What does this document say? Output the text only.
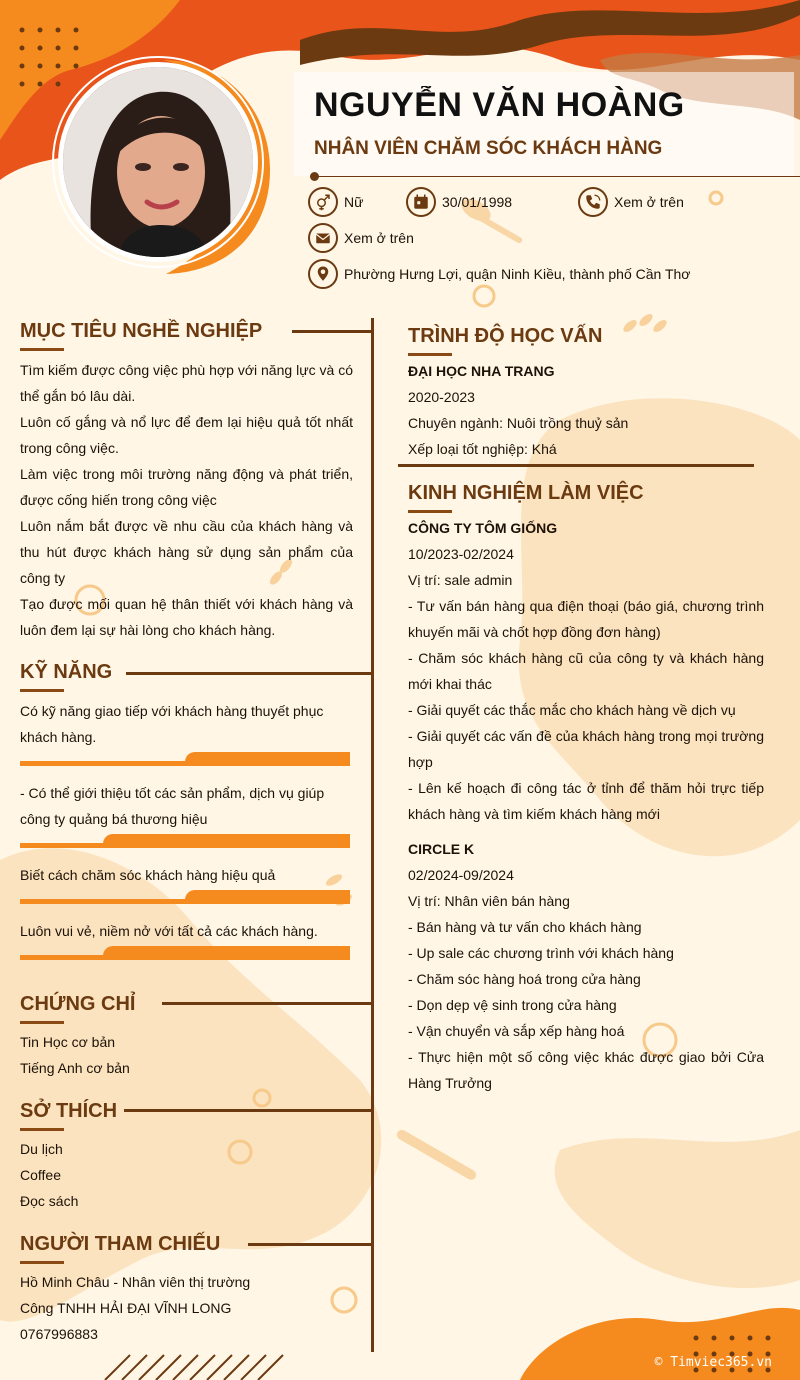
NGUYỄN VĂN HOÀNG
NHÂN VIÊN CHĂM SÓC KHÁCH HÀNG
Nữ	30/01/1998	Xem ở trên
Xem ở trên
Phường Hưng Lợi, quận Ninh Kiều, thành phố Cần Thơ
MỤC TIÊU NGHỀ NGHIỆP

Tìm kiếm được công việc phù hợp với năng lực và có thể gắn bó lâu dài.

Luôn cố gắng và nổ lực để đem lại hiệu quả tốt nhất trong công việc.

Làm việc trong môi trường năng động và phát triển, được cống hiến trong công việc

Luôn nắm bắt được về nhu cầu của khách hàng và thu hút được khách hàng sử dụng sản phẩm của công ty

Tạo được mối quan hệ thân thiết với khách hàng và luôn đem lại sự hài lòng cho khách hàng.

KỸ NĂNG
Có kỹ năng giao tiếp với khách hàng thuyết phục khách hàng.
- Có thể giới thiệu tốt các sản phẩm, dịch vụ giúp công ty quảng bá thương hiệu
Biết cách chăm sóc khách hàng hiệu quả
Luôn vui vẻ, niềm nở với tất cả các khách hàng.
CHỨNG CHỈ

Tin Học cơ bản

Tiếng Anh cơ bản

SỞ THÍCH

Du lịch

Coffee

Đọc sách

NGƯỜI THAM CHIẾU

Hồ Minh Châu - Nhân viên thị trường

Công TNHH HẢI ĐẠI VĨNH LONG

0767996883

TRÌNH ĐỘ HỌC VẤN

ĐẠI HỌC NHA TRANG

2020-2023

Chuyên ngành: Nuôi trồng thuỷ sản

Xếp loại tốt nghiệp: Khá

KINH NGHIỆM LÀM VIỆC

CÔNG TY TÔM GIỐNG

10/2023-02/2024

Vị trí: sale admin

- Tư vấn bán hàng qua điện thoại (báo giá, chương trình khuyến mãi và chốt hợp đồng đơn hàng)

- Chăm sóc khách hàng cũ của công ty và khách hàng mới khai thác

- Giải quyết các thắc mắc cho khách hàng về dịch vụ

- Giải quyết các vấn đề của khách hàng trong mọi trường hợp

- Lên kế hoạch đi công tác ở tỉnh để thăm hỏi trực tiếp khách hàng và tìm kiếm khách hàng mới

CIRCLE K

02/2024-09/2024

Vị trí: Nhân viên bán hàng

- Bán hàng và tư vấn cho khách hàng

- Up sale các chương trình với khách hàng

- Chăm sóc hàng hoá trong cửa hàng

- Dọn dẹp vệ sinh trong cửa hàng

- Vận chuyển và sắp xếp hàng hoá

- Thực hiện một số công việc khác được giao bởi Cửa Hàng Trưởng

© Timviec365.vn
